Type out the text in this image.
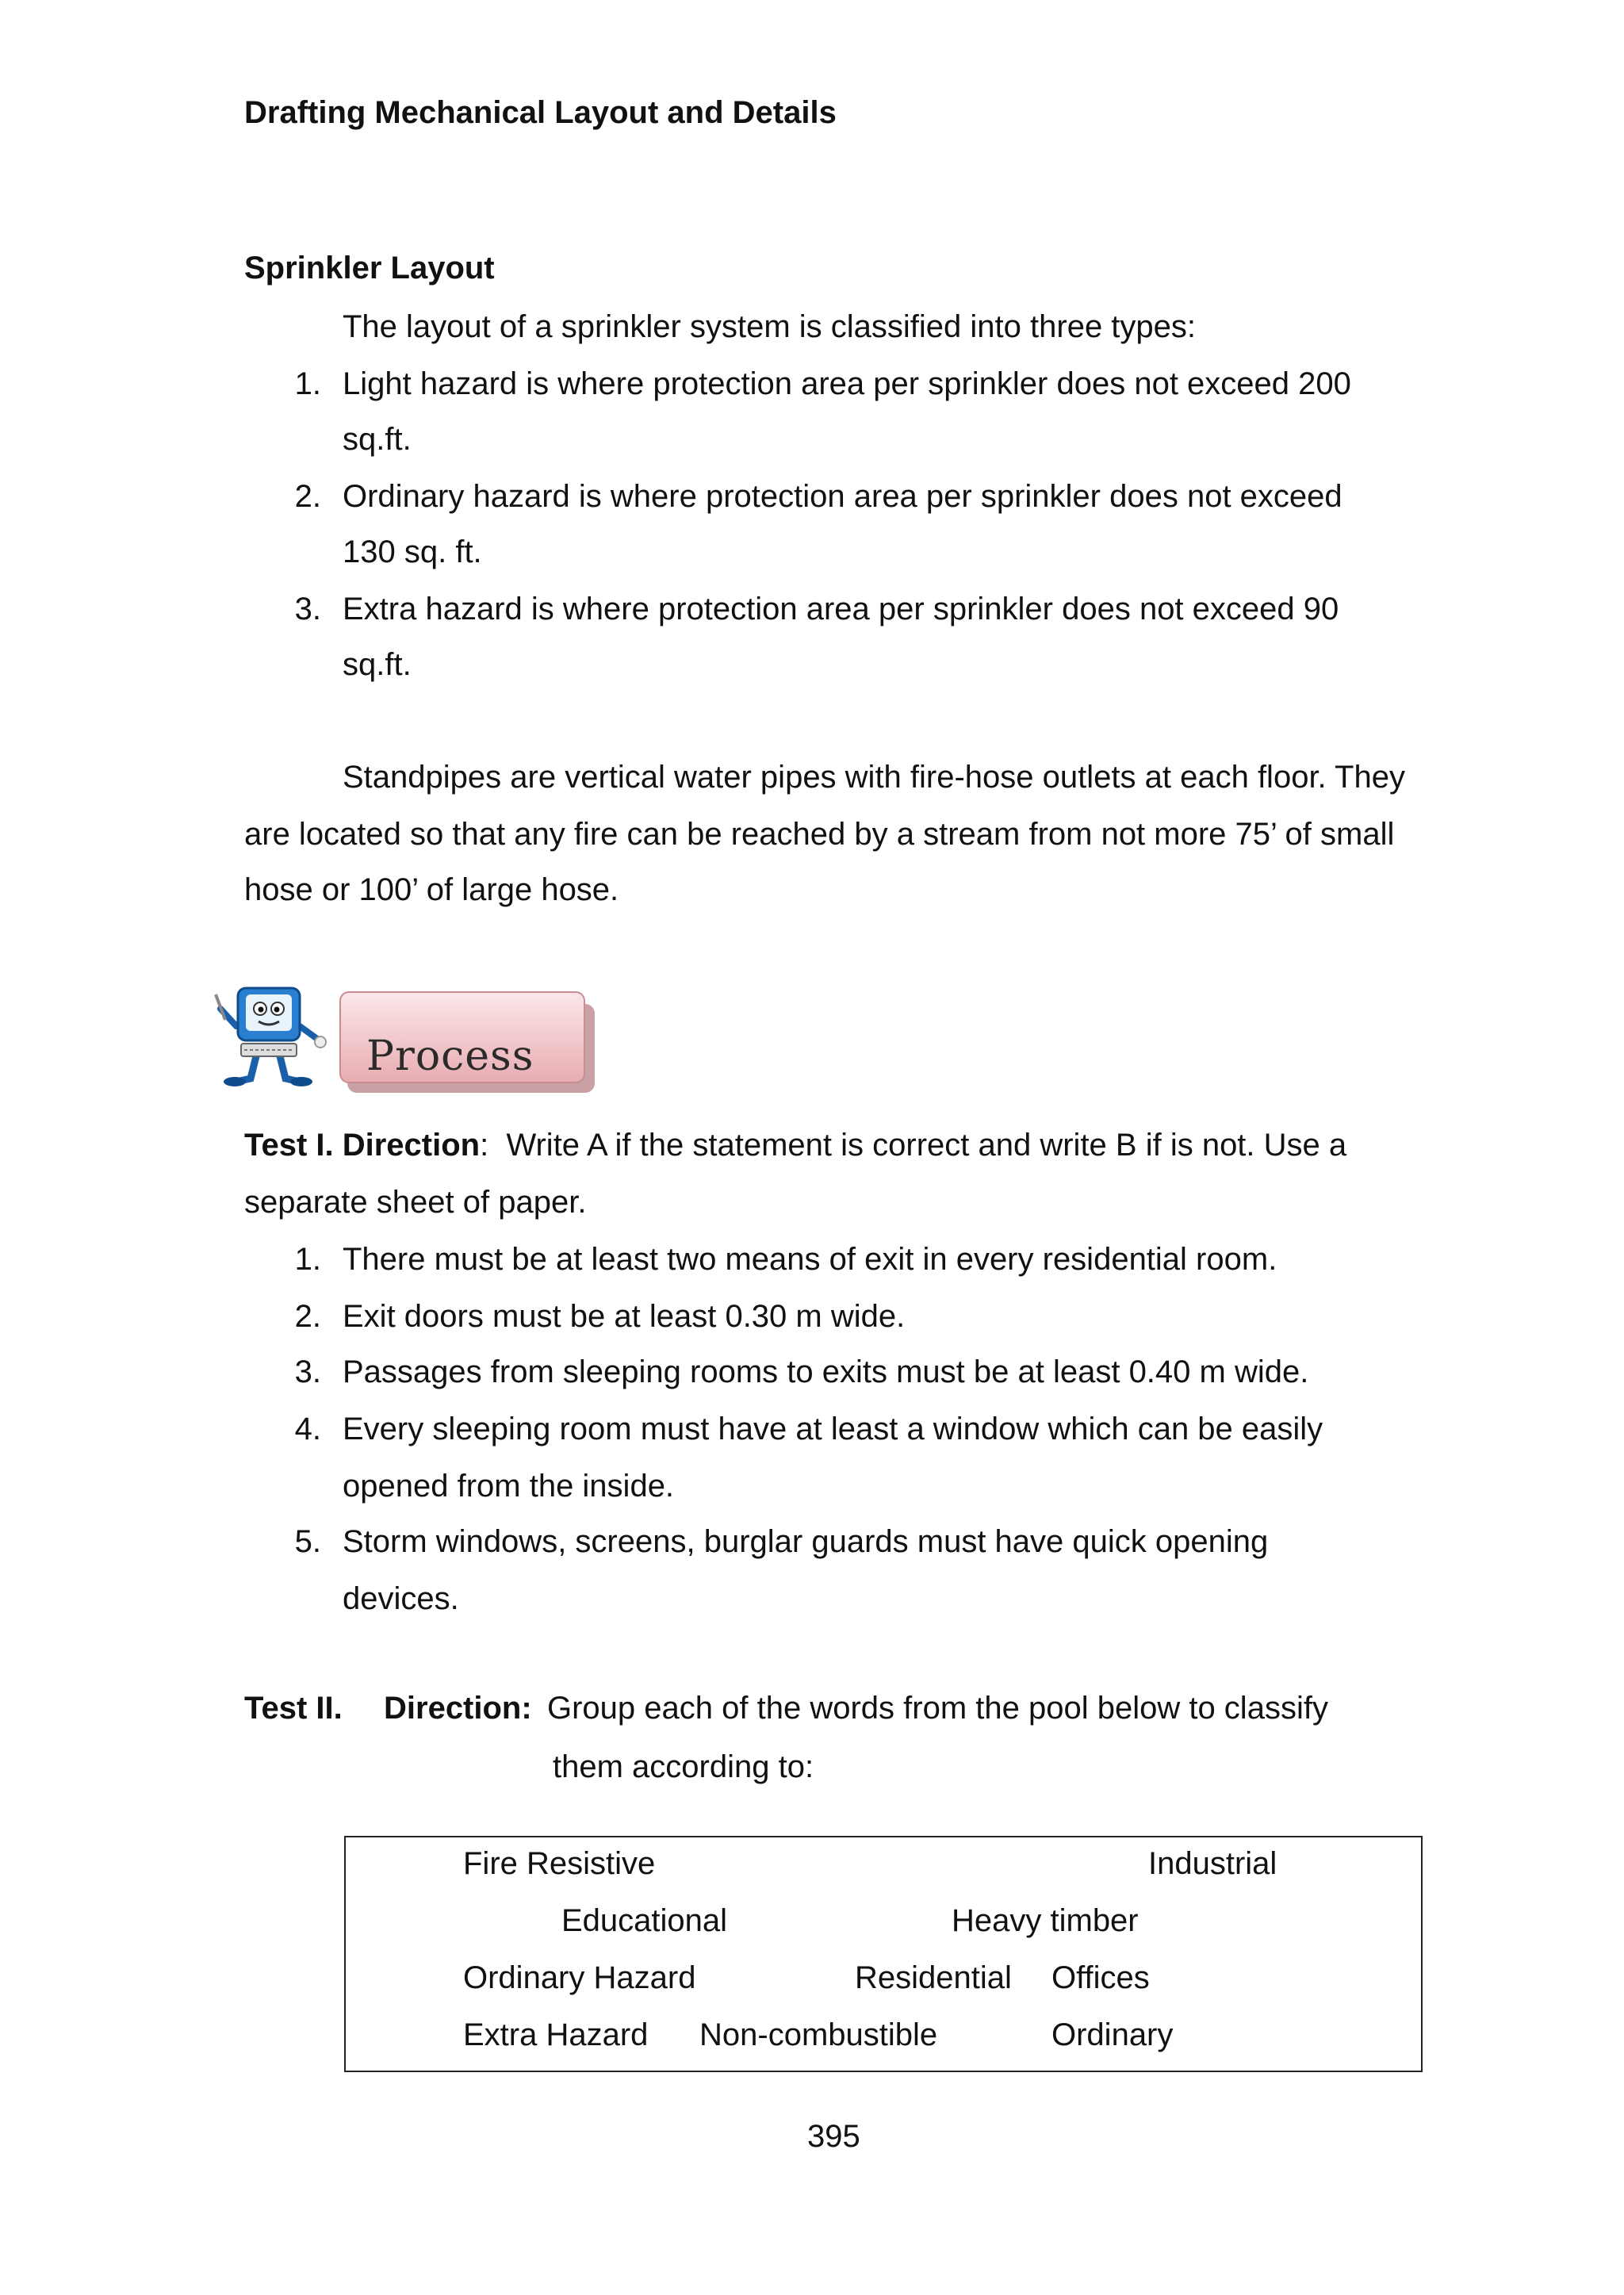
Drafting Mechanical Layout and Details
Sprinkler Layout
The layout of a sprinkler system is classified into three types:
1. Light hazard is where protection area per sprinkler does not exceed 200
sq.ft.
2. Ordinary hazard is where protection area per sprinkler does not exceed
130 sq. ft.
3. Extra hazard is where protection area per sprinkler does not exceed 90
sq.ft.
Standpipes are vertical water pipes with fire-hose outlets at each floor. They
are located so that any fire can be reached by a stream from not more 75’ of small
hose or 100’ of large hose.
Process
Test I. Direction: Write A if the statement is correct and write B if is not. Use a
separate sheet of paper.
1. There must be at least two means of exit in every residential room.
2. Exit doors must be at least 0.30 m wide.
3. Passages from sleeping rooms to exits must be at least 0.40 m wide.
4. Every sleeping room must have at least a window which can be easily
opened from the inside.
5. Storm windows, screens, burglar guards must have quick opening
devices.
Test II. Direction: Group each of the words from the pool below to classify
them according to:
Fire Resistive	Industrial
Educational	Heavy timber
Ordinary Hazard	Residential Offices
Extra Hazard Non-combustible	Ordinary
395
